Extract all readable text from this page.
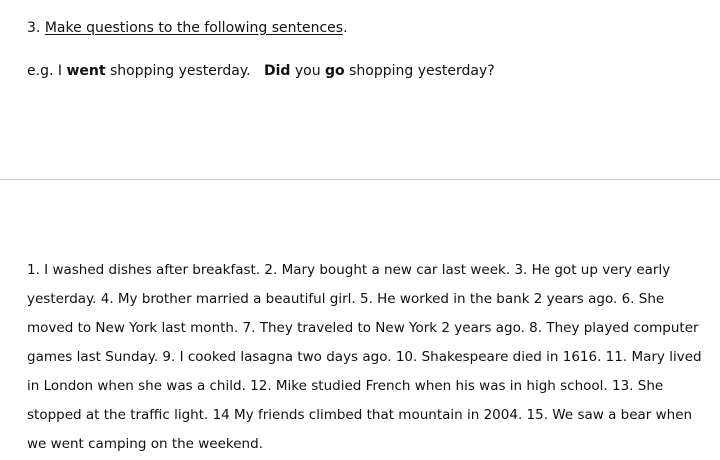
3. Make questions to the following sentences.
e.g. I went shopping yesterday.   Did you go shopping yesterday?
1. I washed dishes after breakfast. 2. Mary bought a new car last week. 3. He got up very early
yesterday. 4. My brother married a beautiful girl. 5. He worked in the bank 2 years ago. 6. She
moved to New York last month. 7. They traveled to New York 2 years ago. 8. They played computer
games last Sunday. 9. I cooked lasagna two days ago. 10. Shakespeare died in 1616. 11. Mary lived
in London when she was a child. 12. Mike studied French when his was in high school. 13. She
stopped at the traffic light. 14 My friends climbed that mountain in 2004. 15. We saw a bear when
we went camping on the weekend.
